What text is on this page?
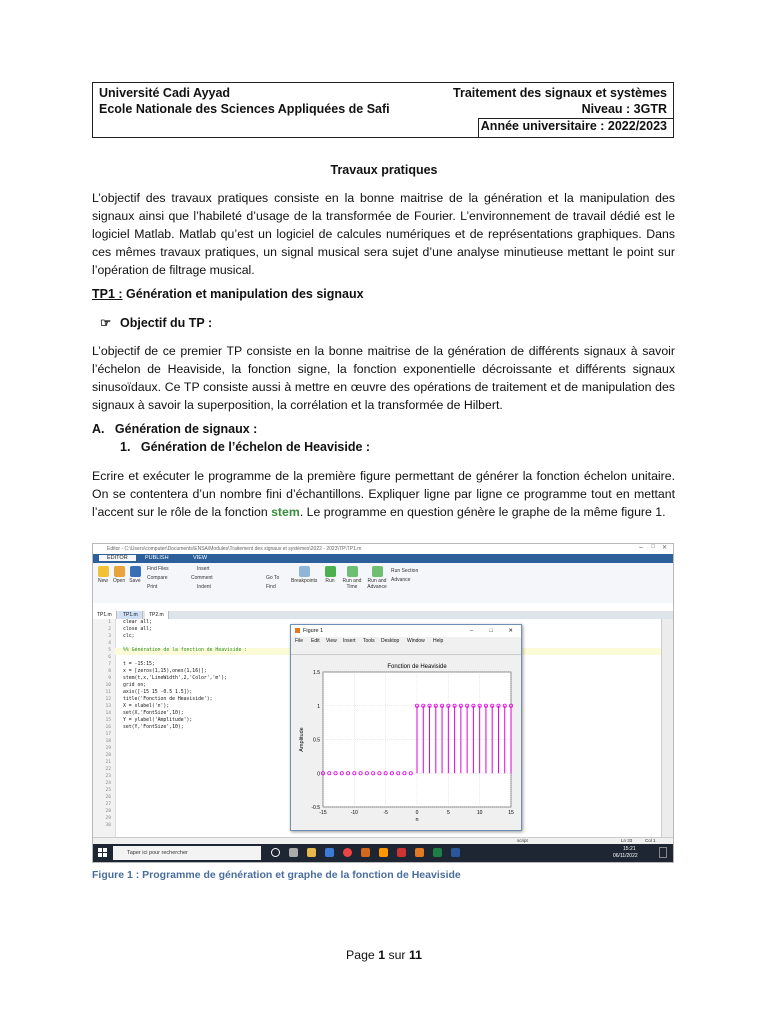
Université Cadi Ayyad
Ecole Nationale des Sciences Appliquées de Safi
Traitement des signaux et systèmes
Niveau : 3GTR
Année universitaire : 2022/2023
Travaux pratiques
L’objectif des travaux pratiques consiste en la bonne maitrise de la génération et la manipulation des signaux ainsi que l’habileté d’usage de la transformée de Fourier. L’environnement de travail dédié est le logiciel Matlab. Matlab qu’est un logiciel de calcules numériques et de représentations graphiques. Dans ces mêmes travaux pratiques, un signal musical sera sujet d’une analyse minutieuse mettant le point sur l’opération de filtrage musical.
TP1 : Génération et manipulation des signaux
☞ Objectif du TP :
L’objectif de ce premier TP consiste en la bonne maitrise de la génération de différents signaux à savoir l’échelon de Heaviside, la fonction signe, la fonction exponentielle décroissante et différents signaux sinusoïdaux. Ce TP consiste aussi à mettre en œuvre des opérations de traitement et de manipulation des signaux à savoir la superposition, la corrélation et la transformée de Hilbert.
A.   Génération de signaux :
1.   Génération de l’échelon de Heaviside :
Ecrire et exécuter le programme de la première figure permettant de générer la fonction échelon unitaire. On se contentera d’un nombre fini d’échantillons. Expliquer ligne par ligne ce programme tout en mettant l’accent sur le rôle de la fonction stem. Le programme en question génère le graphe de la même figure 1.
Editor - C:\Users\computer\Documents\ENSA\Modules\Traitement des signaux et systèmes\2022 - 2023\TP\TP1.m	– □ ✕
EDITOR	PUBLISH	VIEW
New Open Save
Find Files
Compare
Print
Insert
Comment
Indent
Go To
Find
Breakpoints	Run	Run and Time
Run and Advance
Run Section
Advance
TP1.m	TP1.m	TP2.m
1
2
3
4
5
6
7
8
9
10
11
12
13
14
15
16
17
18
19
20
21
22
23
24
25
26
27
28
29
30
clear all;
close all;
clc;
%% Génération de la fonction de Heaviside :
t = -15:15;
x = [zeros(1,15),ones(1,16)];
stem(t,x,'LineWidth',2,'Color','m');
grid on;
axis([-15 15 -0.5 1.5]);
title('Fonction de Heaviside');
X = xlabel('n');
set(X,'FontSize',10);
Y = ylabel('Amplitude');
set(Y,'FontSize',10);
script	Ln 33	Col 1
Figure 1	–	□	✕
File Edit View Insert Tools Desktop Window Help
-15	-10	-5	0	5	10	15
-0.5
0
0.5
1
1.5
Fonction de Heaviside
n
Amplitude
Taper ici pour rechercher
15:21
06/11/2022
Figure 1 : Programme de génération et graphe de la fonction de Heaviside
Page 1 sur 11
